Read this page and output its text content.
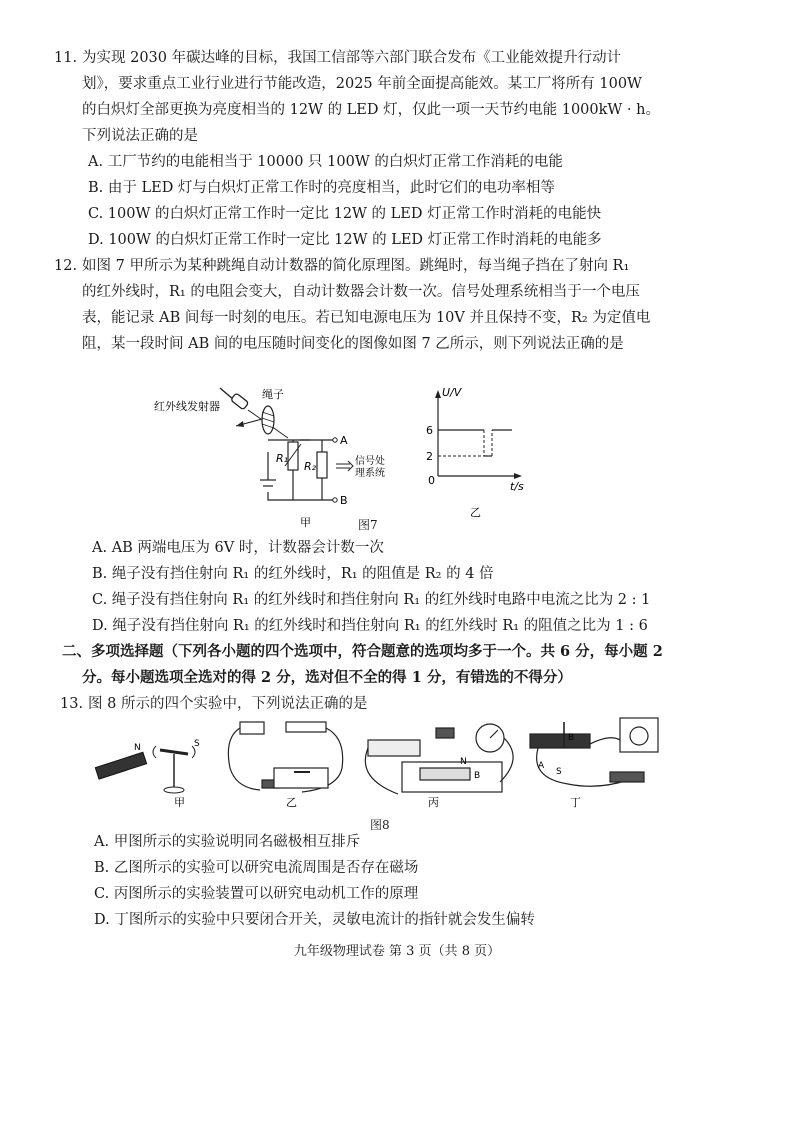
11. 为实现 2030 年碳达峰的目标，我国工信部等六部门联合发布《工业能效提升行动计
划》，要求重点工业行业进行节能改造，2025 年前全面提高能效。某工厂将所有 100W
的白炽灯全部更换为亮度相当的 12W 的 LED 灯，仅此一项一天节约电能 1000kW · h。
下列说法正确的是
A. 工厂节约的电能相当于 10000 只 100W 的白炽灯正常工作消耗的电能
B. 由于 LED 灯与白炽灯正常工作时的亮度相当，此时它们的电功率相等
C. 100W 的白炽灯正常工作时一定比 12W 的 LED 灯正常工作时消耗的电能快
D. 100W 的白炽灯正常工作时一定比 12W 的 LED 灯正常工作时消耗的电能多
12. 如图 7 甲所示为某种跳绳自动计数器的简化原理图。跳绳时，每当绳子挡在了射向 R₁
的红外线时，R₁ 的电阻会变大，自动计数器会计数一次。信号处理系统相当于一个电压
表，能记录 AB 间每一时刻的电压。若已知电源电压为 10V 并且保持不变，R₂ 为定值电
阻，某一段时间 AB 间的电压随时间变化的图像如图 7 乙所示，则下列说法正确的是
红外线发射器
绳子
R₁
R₂
A
B
信号处
理系统
甲
U/V
t/s
6
2
0
乙
图7
A. AB 两端电压为 6V 时，计数器会计数一次
B. 绳子没有挡住射向 R₁ 的红外线时，R₁ 的阻值是 R₂ 的 4 倍
C. 绳子没有挡住射向 R₁ 的红外线时和挡住射向 R₁ 的红外线时电路中电流之比为 2 : 1
D. 绳子没有挡住射向 R₁ 的红外线时和挡住射向 R₁ 的红外线时 R₁ 的阻值之比为 1 : 6
二、多项选择题（下列各小题的四个选项中，符合题意的选项均多于一个。共 6 分，每小题 2
分。每小题选项全选对的得 2 分，选对但不全的得 1 分，有错选的不得分）
13. 图 8 所示的四个实验中，下列说法正确的是
N	S
甲	乙
N
B
丙
B
A
S
丁
图8
A. 甲图所示的实验说明同名磁极相互排斥
B. 乙图所示的实验可以研究电流周围是否存在磁场
C. 丙图所示的实验装置可以研究电动机工作的原理
D. 丁图所示的实验中只要闭合开关，灵敏电流计的指针就会发生偏转
九年级物理试卷 第 3 页（共 8 页）
